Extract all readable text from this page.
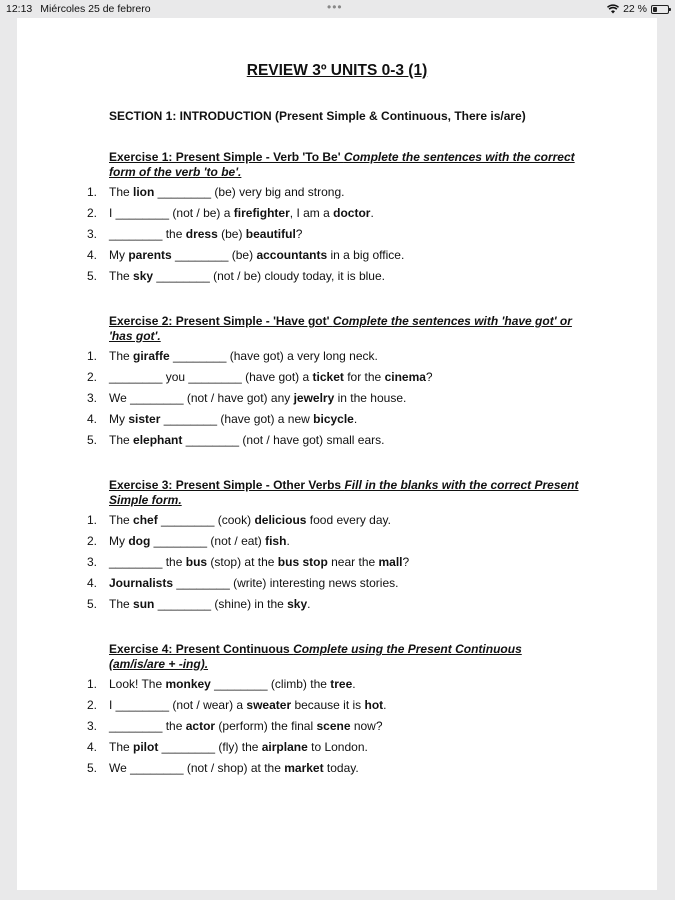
12:13 Miércoles 25 de febrero	•••	22 %
REVIEW 3º UNITS 0-3 (1)
SECTION 1: INTRODUCTION (Present Simple & Continuous, There is/are)
Exercise 1: Present Simple - Verb 'To Be' Complete the sentences with the correct form of the verb 'to be'.
1. The lion ________ (be) very big and strong.
2. I ________ (not / be) a firefighter, I am a doctor.
3. ________ the dress (be) beautiful?
4. My parents ________ (be) accountants in a big office.
5. The sky ________ (not / be) cloudy today, it is blue.
Exercise 2: Present Simple - 'Have got' Complete the sentences with 'have got' or 'has got'.
1. The giraffe ________ (have got) a very long neck.
2. ________ you ________ (have got) a ticket for the cinema?
3. We ________ (not / have got) any jewelry in the house.
4. My sister ________ (have got) a new bicycle.
5. The elephant ________ (not / have got) small ears.
Exercise 3: Present Simple - Other Verbs Fill in the blanks with the correct Present Simple form.
1. The chef ________ (cook) delicious food every day.
2. My dog ________ (not / eat) fish.
3. ________ the bus (stop) at the bus stop near the mall?
4. Journalists ________ (write) interesting news stories.
5. The sun ________ (shine) in the sky.
Exercise 4: Present Continuous Complete using the Present Continuous (am/is/are + -ing).
1. Look! The monkey ________ (climb) the tree.
2. I ________ (not / wear) a sweater because it is hot.
3. ________ the actor (perform) the final scene now?
4. The pilot ________ (fly) the airplane to London.
5. We ________ (not / shop) at the market today.
